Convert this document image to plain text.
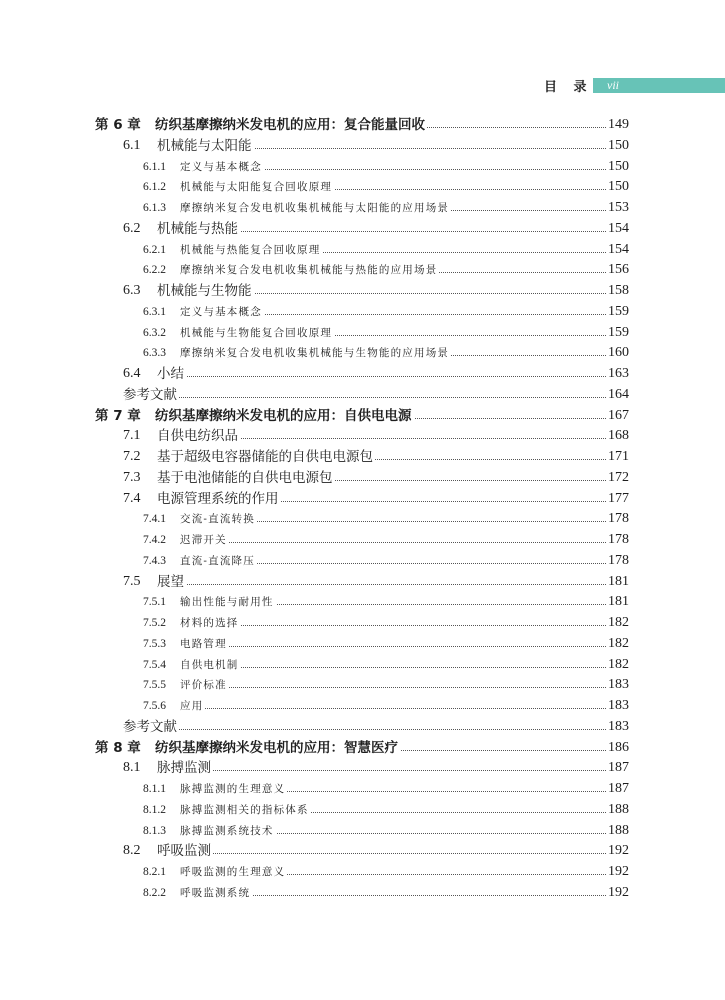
目 录	vii
第 6 章 纺织基摩擦纳米发电机的应用：复合能量回收	149
6.1 机械能与太阳能	150
6.1.1 定义与基本概念	150
6.1.2 机械能与太阳能复合回收原理	150
6.1.3 摩擦纳米复合发电机收集机械能与太阳能的应用场景	153
6.2 机械能与热能	154
6.2.1 机械能与热能复合回收原理	154
6.2.2 摩擦纳米复合发电机收集机械能与热能的应用场景	156
6.3 机械能与生物能	158
6.3.1 定义与基本概念	159
6.3.2 机械能与生物能复合回收原理	159
6.3.3 摩擦纳米复合发电机收集机械能与生物能的应用场景	160
6.4 小结	163
参考文献	164
第 7 章 纺织基摩擦纳米发电机的应用：自供电电源	167
7.1 自供电纺织品	168
7.2 基于超级电容器储能的自供电电源包	171
7.3 基于电池储能的自供电电源包	172
7.4 电源管理系统的作用	177
7.4.1 交流-直流转换	178
7.4.2 迟滞开关	178
7.4.3 直流-直流降压	178
7.5 展望	181
7.5.1 输出性能与耐用性	181
7.5.2 材料的选择	182
7.5.3 电路管理	182
7.5.4 自供电机制	182
7.5.5 评价标准	183
7.5.6 应用	183
参考文献	183
第 8 章 纺织基摩擦纳米发电机的应用：智慧医疗	186
8.1 脉搏监测	187
8.1.1 脉搏监测的生理意义	187
8.1.2 脉搏监测相关的指标体系	188
8.1.3 脉搏监测系统技术	188
8.2 呼吸监测	192
8.2.1 呼吸监测的生理意义	192
8.2.2 呼吸监测系统	192
